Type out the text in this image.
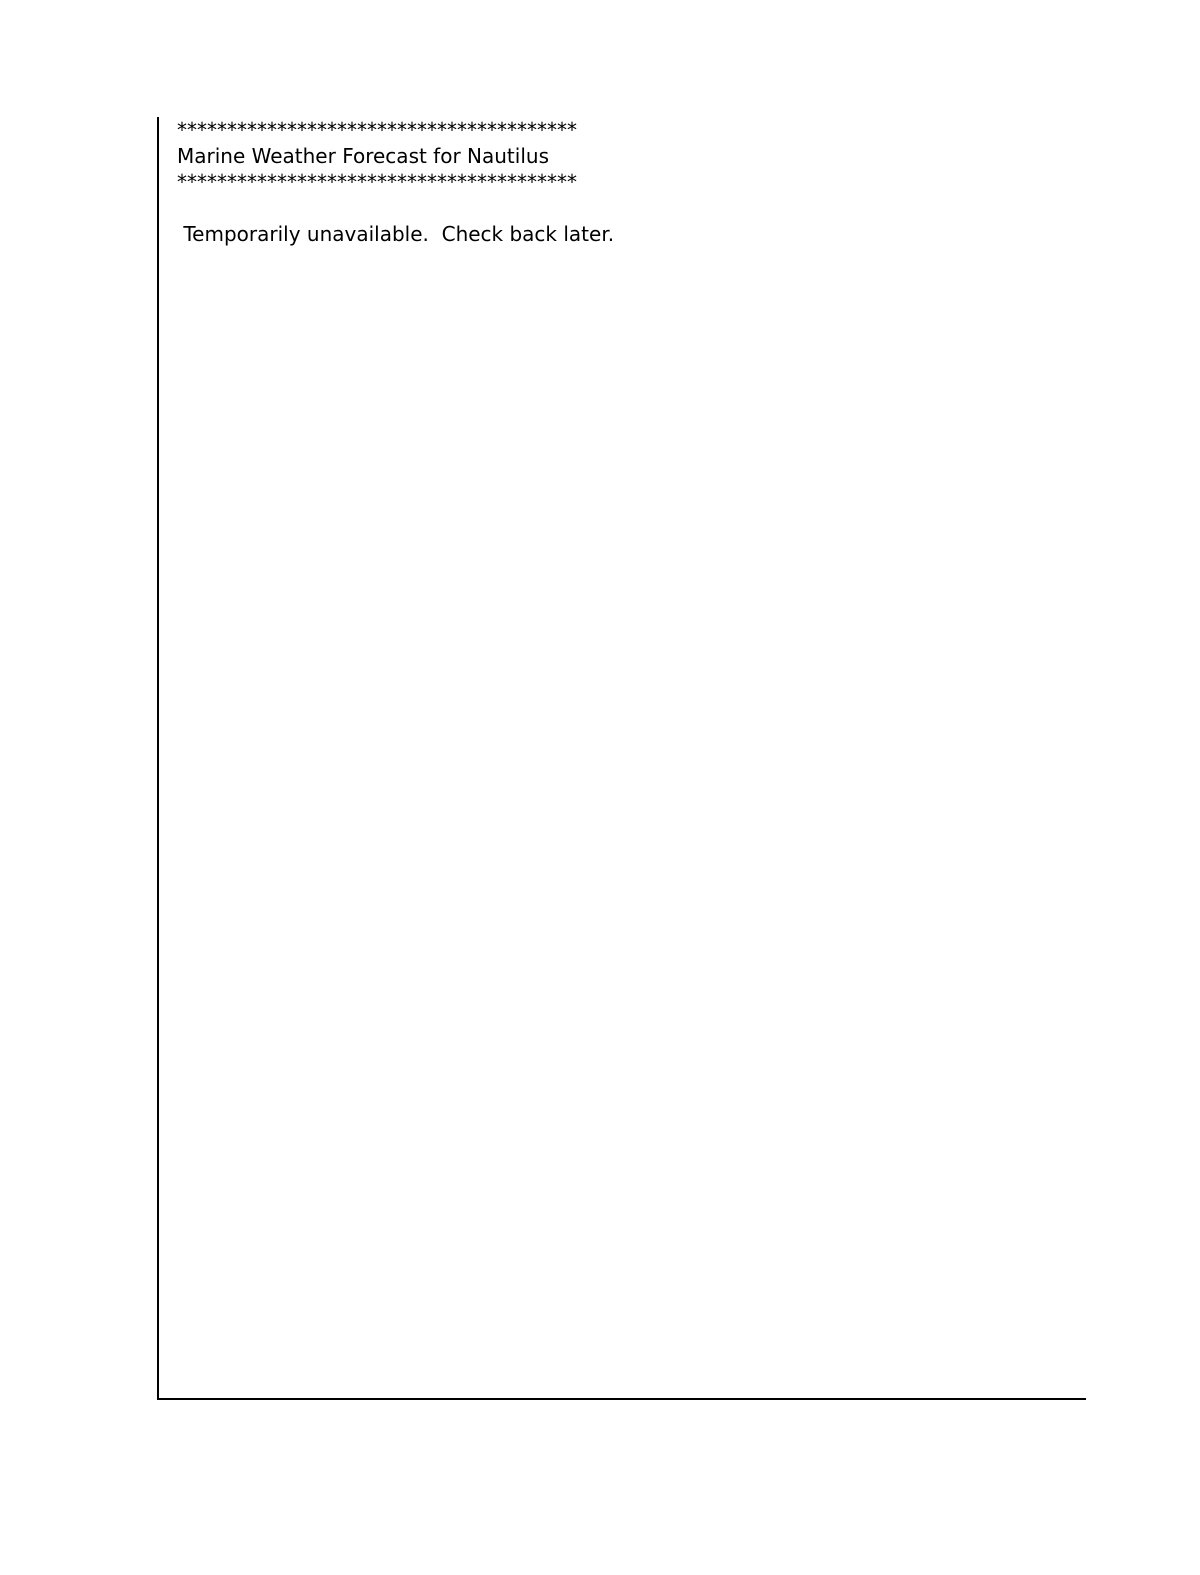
****************************************
Marine Weather Forecast for Nautilus
****************************************

Temporarily unavailable.  Check back later.
